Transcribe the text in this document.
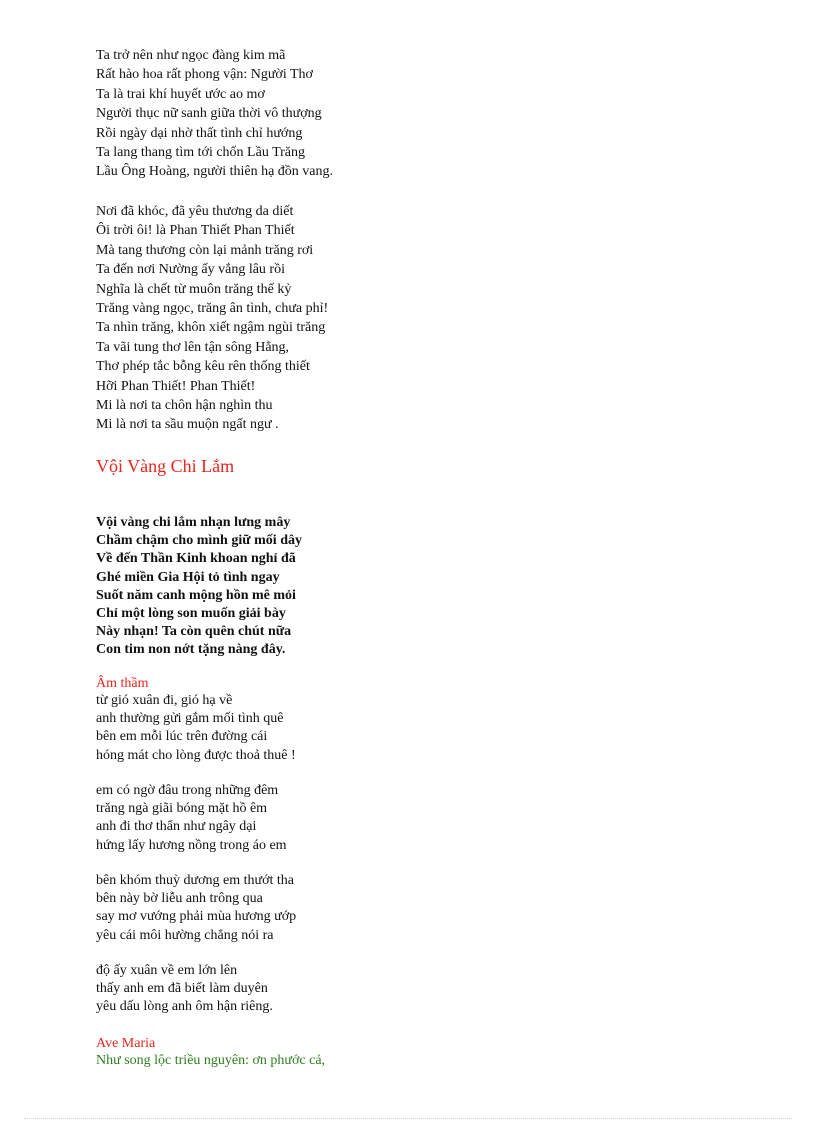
Ta trở nên như ngọc đàng kim mã
Rất hào hoa rất phong vận: Người Thơ
Ta là trai khí huyết ước ao mơ
Người thục nữ sanh giữa thời vô thượng
Rồi ngày dại nhờ thất tình chỉ hướng
Ta lang thang tìm tới chốn Lầu Trăng
Lầu Ông Hoàng, người thiên hạ đồn vang.
Nơi đã khóc, đã yêu thương da diết
Ôi trời ôi! là Phan Thiết Phan Thiết
Mà tang thương còn lại mảnh trăng rơi
Ta đến nơi Nường ấy vắng lâu rồi
Nghĩa là chết từ muôn trăng thế kỷ
Trăng vàng ngọc, trăng ân tình, chưa phỉ!
Ta nhìn trăng, khôn xiết ngậm ngùi trăng
Ta vãi tung thơ lên tận sông Hằng,
Thơ phép tắc bỗng kêu rên thống thiết
Hỡi Phan Thiết! Phan Thiết!
Mi là nơi ta chôn hận nghìn thu
Mi là nơi ta sầu muộn ngất ngư .
Vội Vàng Chi Lắm
Vội vàng chi lắm nhạn lưng mây
Chầm chậm cho mình giữ mối dây
Về đến Thần Kinh khoan nghỉ đã
Ghé miền Gia Hội tỏ tình ngay
Suốt năm canh mộng hồn mê mỏi
Chỉ một lòng son muốn giải bày
Này nhạn! Ta còn quên chút nữa
Con tim non nớt tặng nàng đây.
Âm thầm
từ gió xuân đi, gió hạ về
anh thường gửi gắm mối tình quê
bên em mỗi lúc trên đường cái
hóng mát cho lòng được thoả thuê !
em có ngờ đâu trong những đêm
trăng ngà giãi bóng mặt hồ êm
anh đi thơ thẩn như ngây dại
hứng lấy hương nồng trong áo em
bên khóm thuỳ dương em thướt tha
bên này bờ liễu anh trông qua
say mơ vướng phải mùa hương ướp
yêu cái môi hường chẳng nói ra
độ ấy xuân về em lớn lên
thấy anh em đã biết làm duyên
yêu dấu lòng anh ôm hận riêng.
Ave Maria
Như song lộc triều nguyên: ơn phước cả,
